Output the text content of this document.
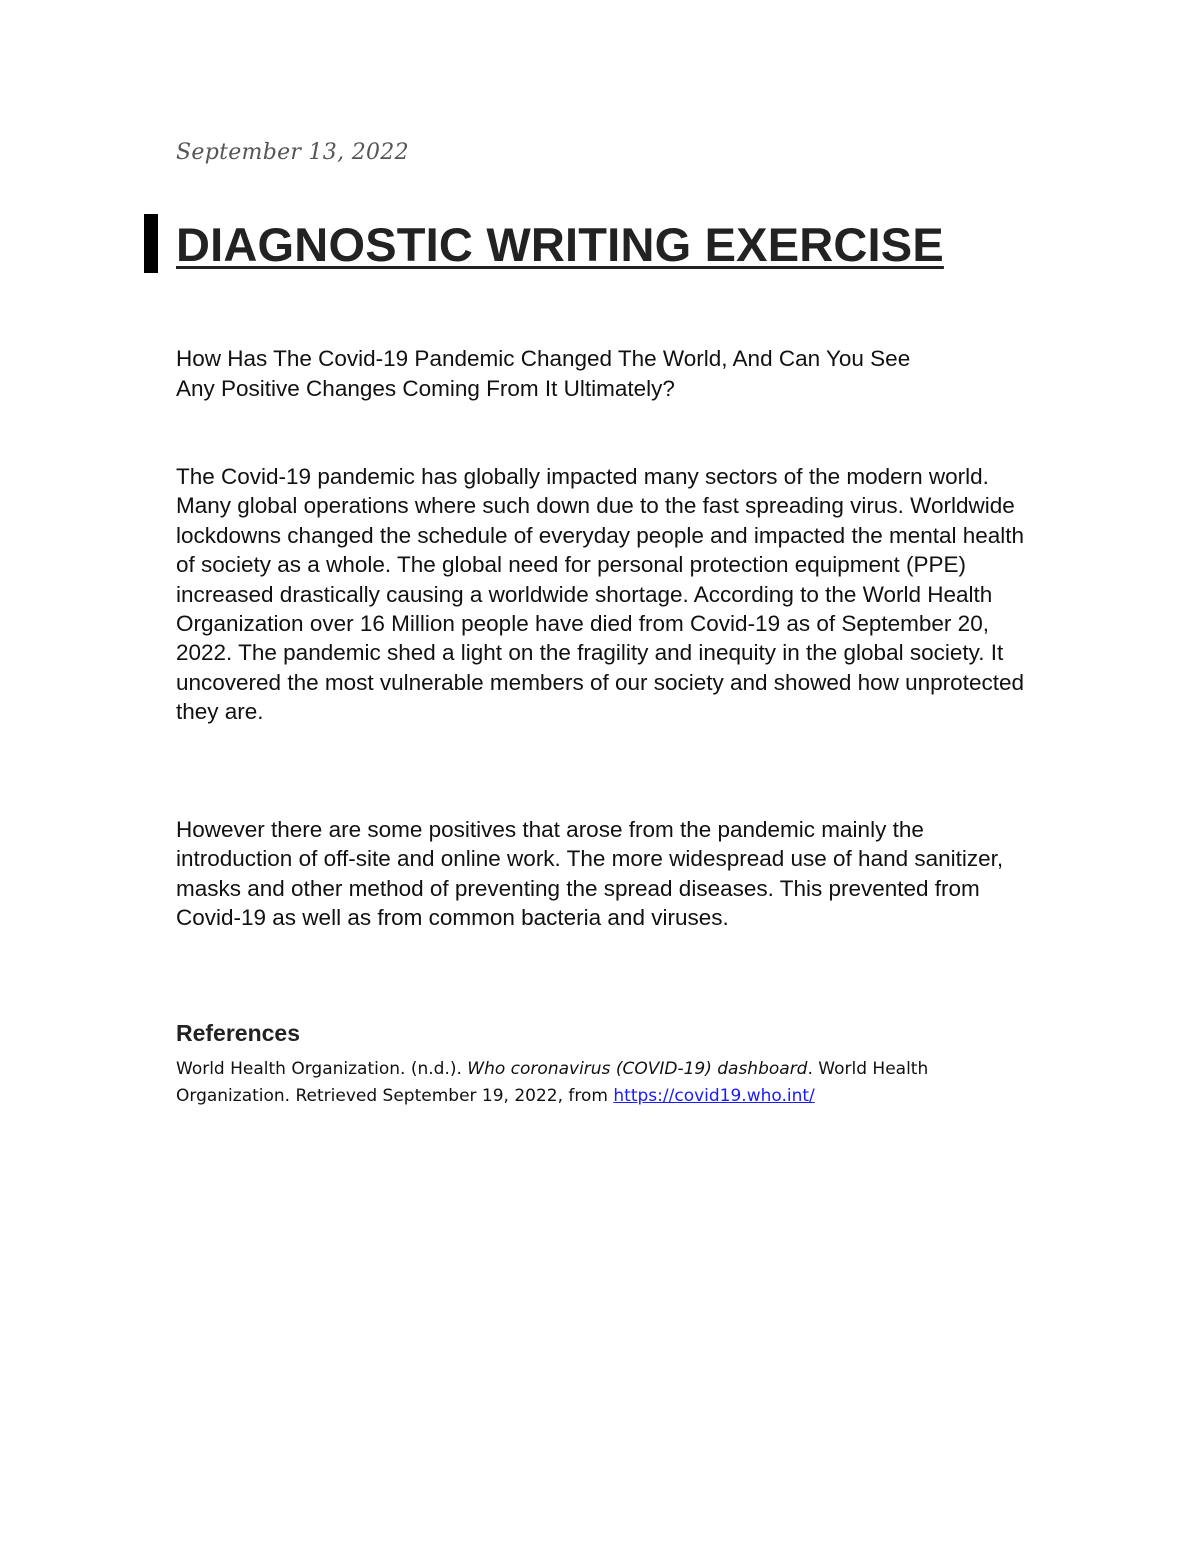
September 13, 2022
DIAGNOSTIC WRITING EXERCISE
How Has The Covid-19 Pandemic Changed The World, And Can You See
Any Positive Changes Coming From It Ultimately?
The Covid-19 pandemic has globally impacted many sectors of the modern world. Many global operations where such down due to the fast spreading virus. Worldwide lockdowns changed the schedule of everyday people and impacted the mental health of society as a whole. The global need for personal protection equipment (PPE) increased drastically causing a worldwide shortage. According to the World Health Organization over 16 Million people have died from Covid-19 as of September 20, 2022. The pandemic shed a light on the fragility and inequity in the global society. It uncovered the most vulnerable members of our society and showed how unprotected they are.
However there are some positives that arose from the pandemic mainly the introduction of off-site and online work. The more widespread use of hand sanitizer, masks and other method of preventing the spread diseases. This prevented from Covid-19 as well as from common bacteria and viruses.
References
World Health Organization. (n.d.). Who coronavirus (COVID-19) dashboard. World Health Organization. Retrieved September 19, 2022, from https://covid19.who.int/
